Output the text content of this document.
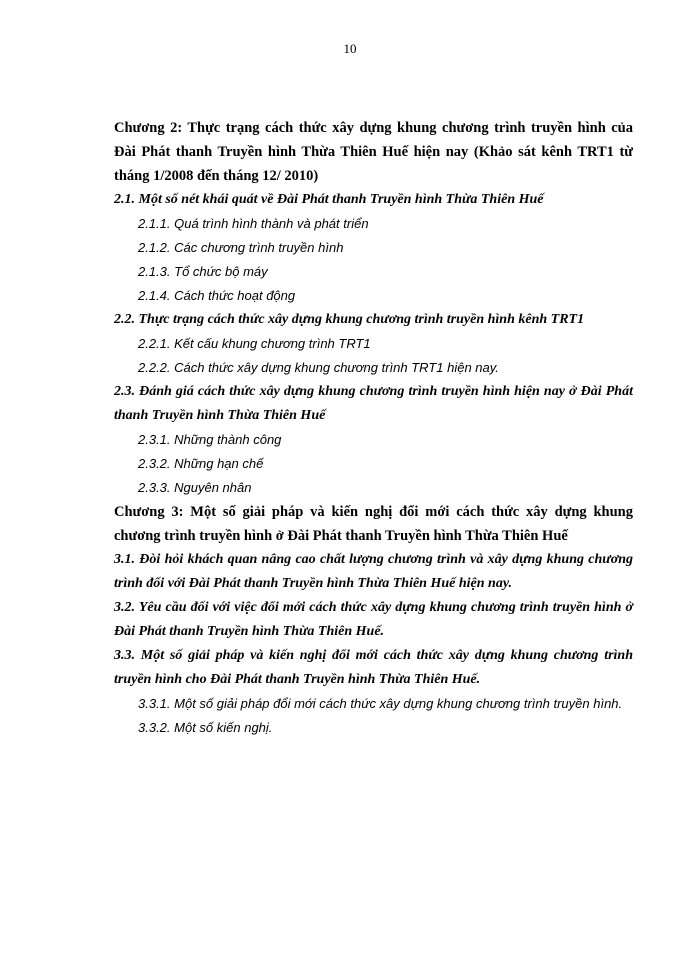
10
Chương 2: Thực trạng cách thức xây dựng khung chương trình truyền hình của Đài Phát thanh Truyền hình Thừa Thiên Huế hiện nay (Khảo sát kênh TRT1 từ tháng 1/2008 đến tháng 12/ 2010)
2.1. Một số nét khái quát về Đài Phát thanh Truyền hình Thừa Thiên Huế
2.1.1. Quá trình hình thành và phát triển
2.1.2. Các chương trình truyền hình
2.1.3. Tổ chức bộ máy
2.1.4. Cách thức hoạt động
2.2. Thực trạng cách thức xây dựng khung chương trình truyền hình kênh TRT1
2.2.1. Kết cấu khung chương trình TRT1
2.2.2. Cách thức xây dựng khung chương trình TRT1 hiện nay.
2.3. Đánh giá cách thức xây dựng khung chương trình truyền hình hiện nay ở Đài Phát thanh Truyền hình Thừa Thiên Huế
2.3.1. Những thành công
2.3.2. Những hạn chế
2.3.3. Nguyên nhân
Chương 3: Một số giải pháp và kiến nghị đổi mới cách thức xây dựng khung chương trình truyền hình ở Đài Phát thanh Truyền hình Thừa Thiên Huế
3.1. Đòi hỏi khách quan nâng cao chất lượng chương trình và xây dựng khung chương trình đối với Đài Phát thanh Truyền hình Thừa Thiên Huế hiện nay.
3.2. Yêu cầu đối với việc đổi mới cách thức xây dựng khung chương trình truyền hình ở Đài Phát thanh Truyền hình Thừa Thiên Huế.
3.3. Một số giải pháp và kiến nghị đổi mới cách thức xây dựng khung chương trình truyền hình cho Đài Phát thanh Truyền hình Thừa Thiên Huế.
3.3.1. Một số giải pháp đổi mới cách thức xây dựng khung chương trình truyền hình.
3.3.2. Một số kiến nghị.
